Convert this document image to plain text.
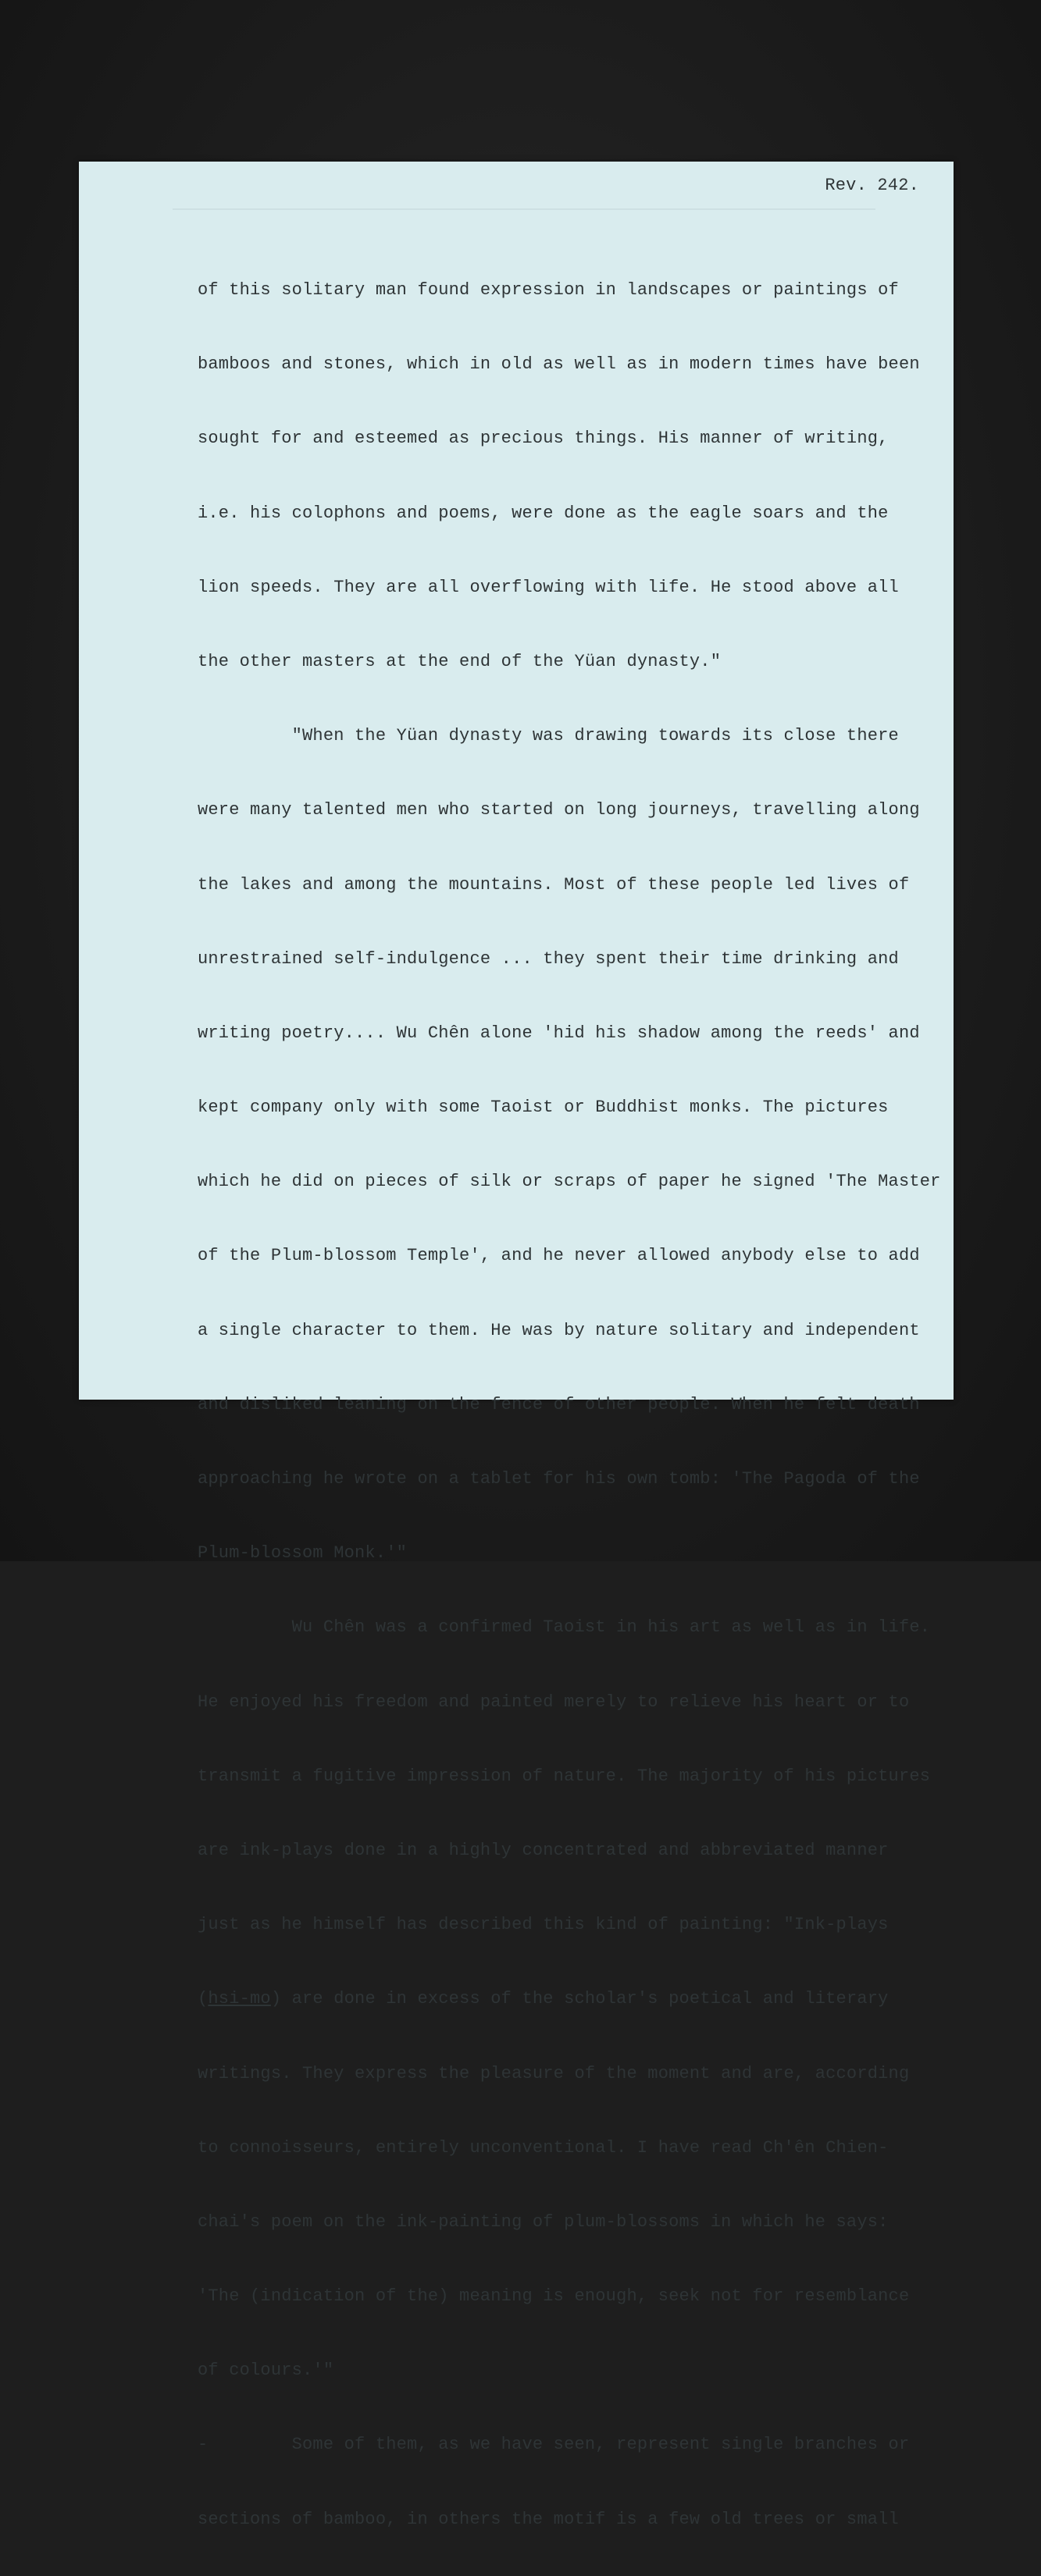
Rev. 242.

of this solitary man found expression in landscapes or paintings of

bamboos and stones, which in old as well as in modern times have been

sought for and esteemed as precious things. His manner of writing,

i.e. his colophons and poems, were done as the eagle soars and the

lion speeds. They are all overflowing with life. He stood above all

the other masters at the end of the Yüan dynasty."

"When the Yüan dynasty was drawing towards its close there

were many talented men who started on long journeys, travelling along

the lakes and among the mountains. Most of these people led lives of

unrestrained self-indulgence ... they spent their time drinking and

writing poetry.... Wu Chên alone 'hid his shadow among the reeds' and

kept company only with some Taoist or Buddhist monks. The pictures

which he did on pieces of silk or scraps of paper he signed 'The Master

of the Plum-blossom Temple', and he never allowed anybody else to add

a single character to them. He was by nature solitary and independent

and disliked leaning on the fence of other people. When he felt death

approaching he wrote on a tablet for his own tomb: 'The Pagoda of the

Plum-blossom Monk.'"

Wu Chên was a confirmed Taoist in his art as well as in life.

He enjoyed his freedom and painted merely to relieve his heart or to

transmit a fugitive impression of nature. The majority of his pictures

are ink-plays done in a highly concentrated and abbreviated manner

just as he himself has described this kind of painting: "Ink-plays

(hsi-mo) are done in excess of the scholar's poetical and literary

writings. They express the pleasure of the moment and are, according

to connoisseurs, entirely unconventional. I have read Ch'ên Chien-

chai's poem on the ink-painting of plum-blossoms in which he says:

'The (indication of the) meaning is enough, seek not for resemblance

of colours.'"

-        Some of them, as we have seen, represent single branches or

sections of bamboo, in others the motif is a few old trees or small
